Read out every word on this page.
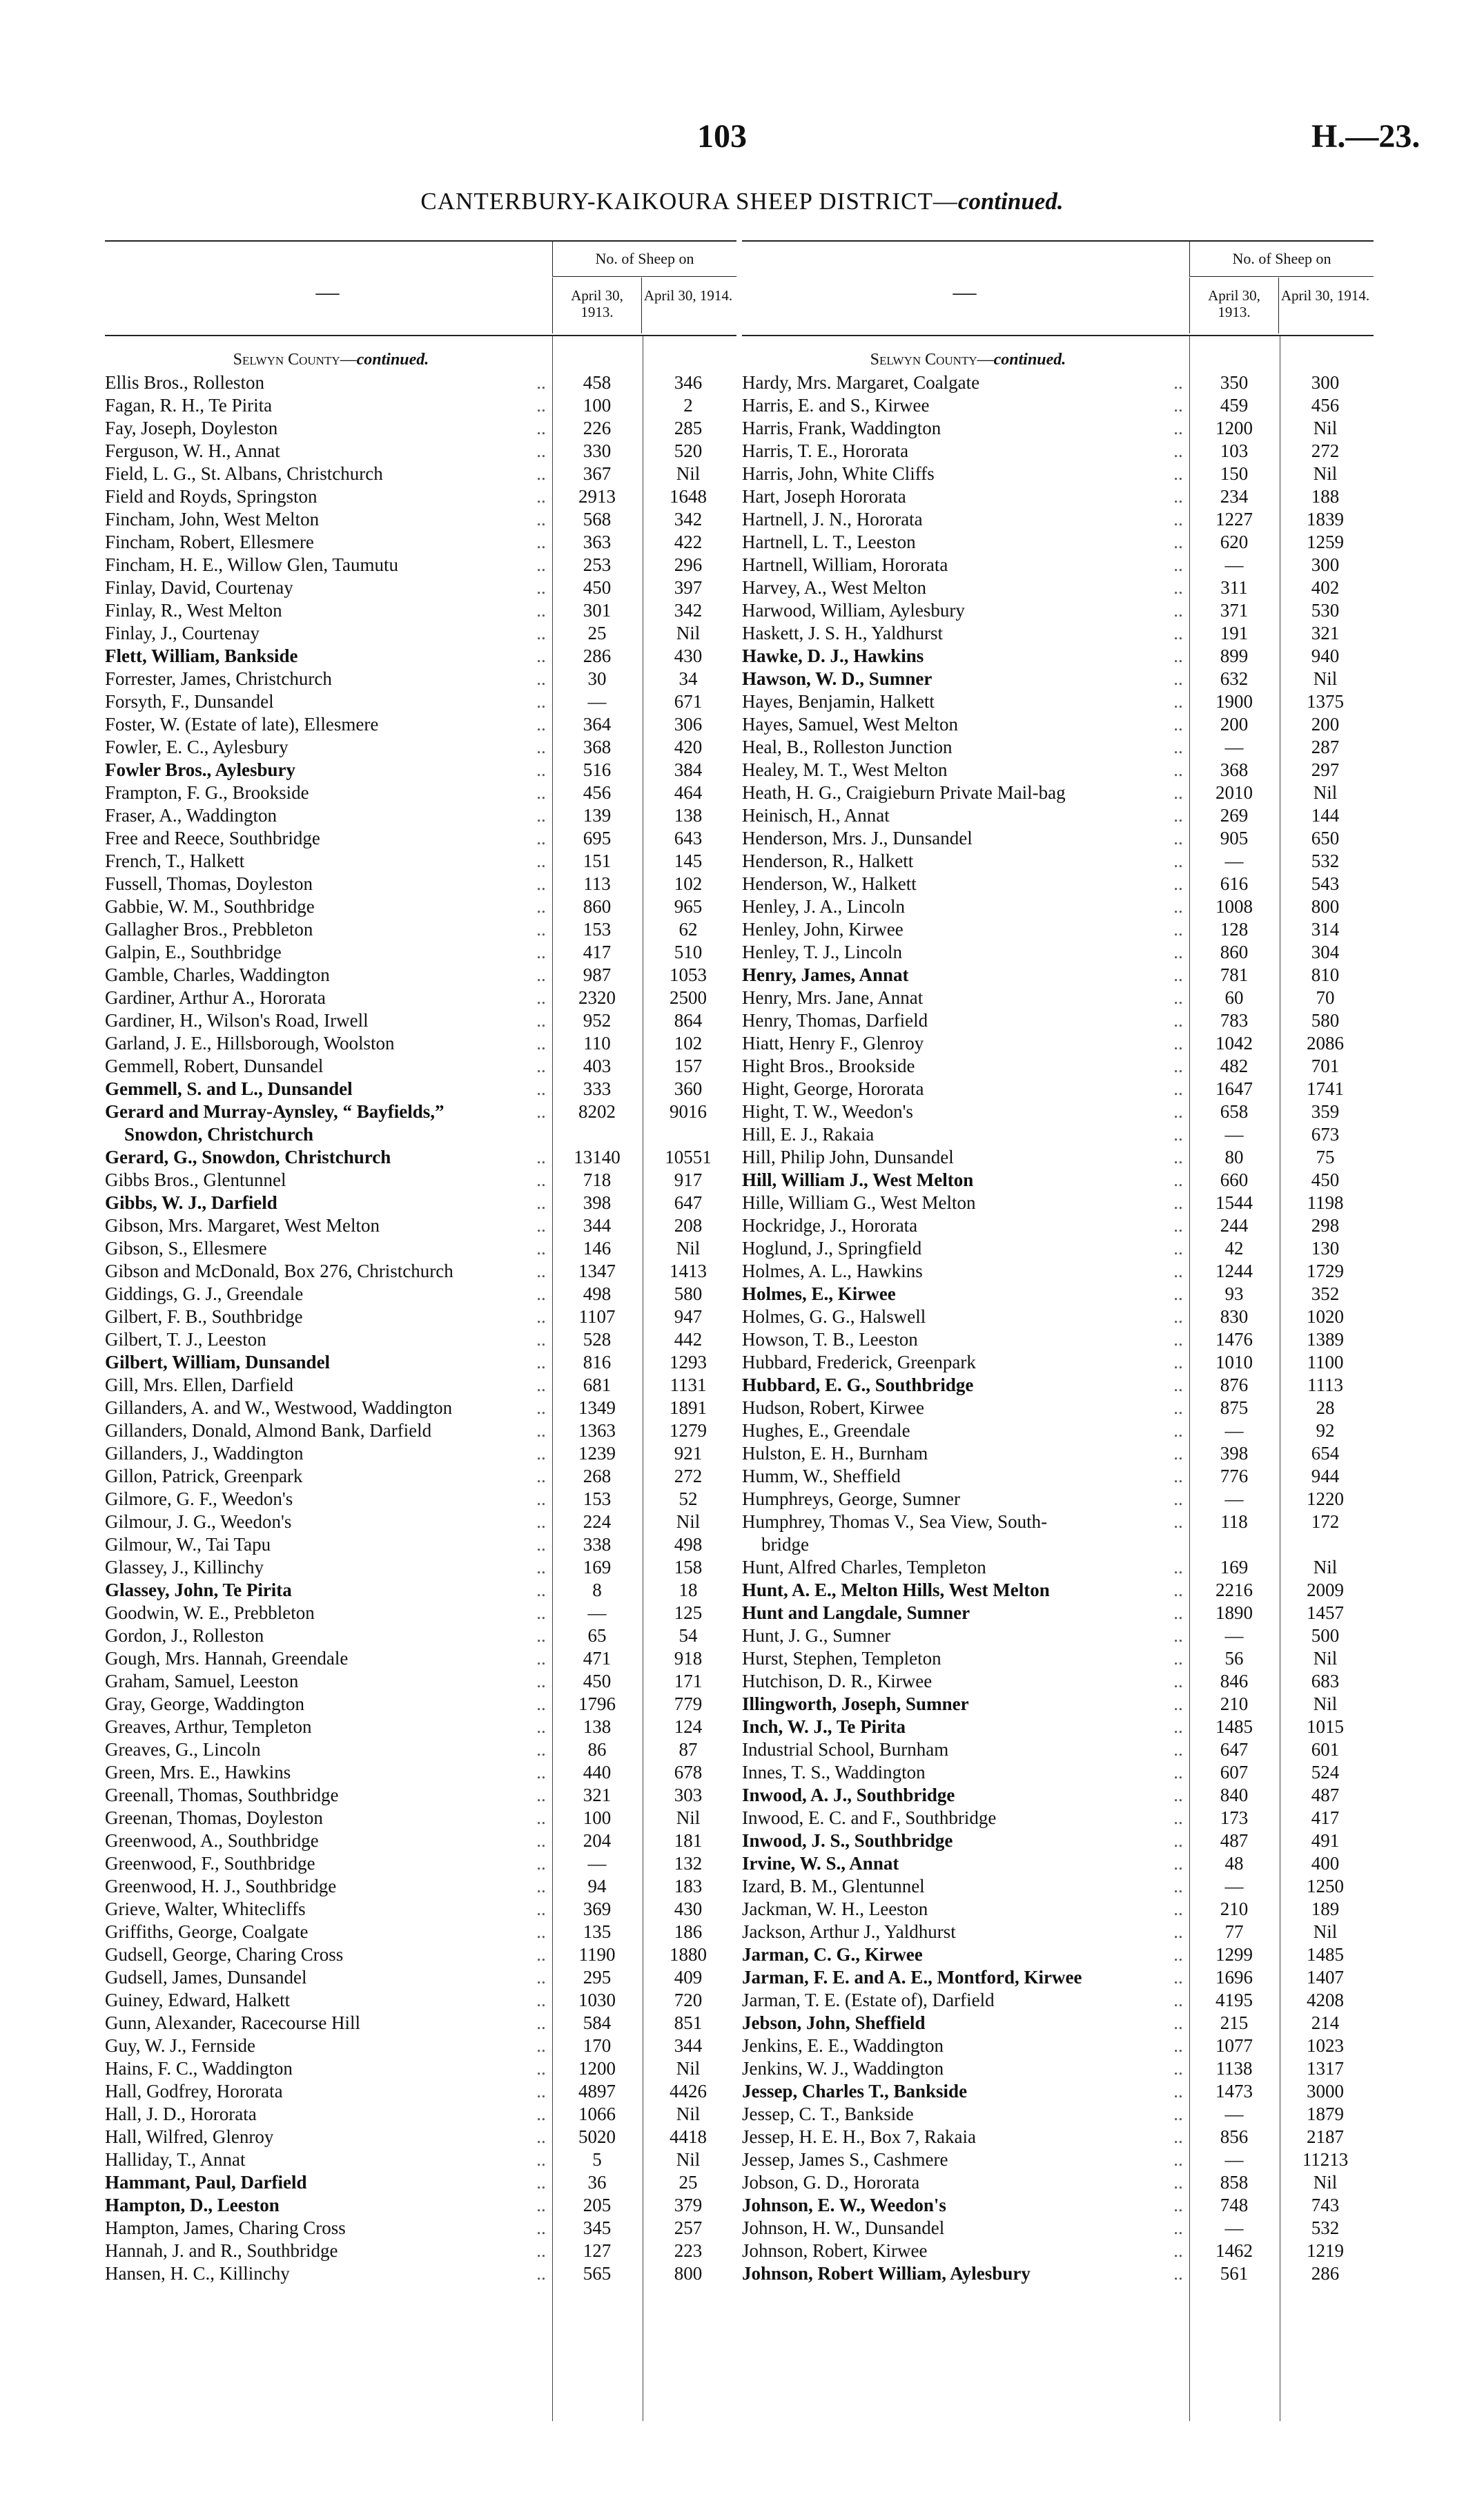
103	H.—23.
CANTERBURY-KAIKOURA SHEEP DISTRICT—continued.
—
No. of Sheep on
April 30, 1913.
April 30, 1914.
Selwyn County—continued.
Ellis Bros., Rolleston	..	458	346
Fagan, R. H., Te Pirita	..	100	2
Fay, Joseph, Doyleston	..	226	285
Ferguson, W. H., Annat	..	330	520
Field, L. G., St. Albans, Christchurch	..	367	Nil
Field and Royds, Springston	..	2913	1648
Fincham, John, West Melton	..	568	342
Fincham, Robert, Ellesmere	..	363	422
Fincham, H. E., Willow Glen, Taumutu	..	253	296
Finlay, David, Courtenay	..	450	397
Finlay, R., West Melton	..	301	342
Finlay, J., Courtenay	..	25	Nil
Flett, William, Bankside	..	286	430
Forrester, James, Christchurch	..	30	34
Forsyth, F., Dunsandel	..	—	671
Foster, W. (Estate of late), Ellesmere	..	364	306
Fowler, E. C., Aylesbury	..	368	420
Fowler Bros., Aylesbury	..	516	384
Frampton, F. G., Brookside	..	456	464
Fraser, A., Waddington	..	139	138
Free and Reece, Southbridge	..	695	643
French, T., Halkett	..	151	145
Fussell, Thomas, Doyleston	..	113	102
Gabbie, W. M., Southbridge	..	860	965
Gallagher Bros., Prebbleton	..	153	62
Galpin, E., Southbridge	..	417	510
Gamble, Charles, Waddington	..	987	1053
Gardiner, Arthur A., Hororata	..	2320	2500
Gardiner, H., Wilson's Road, Irwell	..	952	864
Garland, J. E., Hillsborough, Woolston	..	110	102
Gemmell, Robert, Dunsandel	..	403	157
Gemmell, S. and L., Dunsandel	..	333	360
Gerard and Murray-Aynsley, “ Bayfields,”	..	8202	9016
Snowdon, Christchurch
Gerard, G., Snowdon, Christchurch	..	13140	10551
Gibbs Bros., Glentunnel	..	718	917
Gibbs, W. J., Darfield	..	398	647
Gibson, Mrs. Margaret, West Melton	..	344	208
Gibson, S., Ellesmere	..	146	Nil
Gibson and McDonald, Box 276, Christchurch	..	1347	1413
Giddings, G. J., Greendale	..	498	580
Gilbert, F. B., Southbridge	..	1107	947
Gilbert, T. J., Leeston	..	528	442
Gilbert, William, Dunsandel	..	816	1293
Gill, Mrs. Ellen, Darfield	..	681	1131
Gillanders, A. and W., Westwood, Waddington	..	1349	1891
Gillanders, Donald, Almond Bank, Darfield	..	1363	1279
Gillanders, J., Waddington	..	1239	921
Gillon, Patrick, Greenpark	..	268	272
Gilmore, G. F., Weedon's	..	153	52
Gilmour, J. G., Weedon's	..	224	Nil
Gilmour, W., Tai Tapu	..	338	498
Glassey, J., Killinchy	..	169	158
Glassey, John, Te Pirita	..	8	18
Goodwin, W. E., Prebbleton	..	—	125
Gordon, J., Rolleston	..	65	54
Gough, Mrs. Hannah, Greendale	..	471	918
Graham, Samuel, Leeston	..	450	171
Gray, George, Waddington	..	1796	779
Greaves, Arthur, Templeton	..	138	124
Greaves, G., Lincoln	..	86	87
Green, Mrs. E., Hawkins	..	440	678
Greenall, Thomas, Southbridge	..	321	303
Greenan, Thomas, Doyleston	..	100	Nil
Greenwood, A., Southbridge	..	204	181
Greenwood, F., Southbridge	..	—	132
Greenwood, H. J., Southbridge	..	94	183
Grieve, Walter, Whitecliffs	..	369	430
Griffiths, George, Coalgate	..	135	186
Gudsell, George, Charing Cross	..	1190	1880
Gudsell, James, Dunsandel	..	295	409
Guiney, Edward, Halkett	..	1030	720
Gunn, Alexander, Racecourse Hill	..	584	851
Guy, W. J., Fernside	..	170	344
Hains, F. C., Waddington	..	1200	Nil
Hall, Godfrey, Hororata	..	4897	4426
Hall, J. D., Hororata	..	1066	Nil
Hall, Wilfred, Glenroy	..	5020	4418
Halliday, T., Annat	..	5	Nil
Hammant, Paul, Darfield	..	36	25
Hampton, D., Leeston	..	205	379
Hampton, James, Charing Cross	..	345	257
Hannah, J. and R., Southbridge	..	127	223
Hansen, H. C., Killinchy	..	565	800
—
No. of Sheep on
April 30, 1913.
April 30, 1914.
Selwyn County—continued.
Hardy, Mrs. Margaret, Coalgate	..	350	300
Harris, E. and S., Kirwee	..	459	456
Harris, Frank, Waddington	..	1200	Nil
Harris, T. E., Hororata	..	103	272
Harris, John, White Cliffs	..	150	Nil
Hart, Joseph Hororata	..	234	188
Hartnell, J. N., Hororata	..	1227	1839
Hartnell, L. T., Leeston	..	620	1259
Hartnell, William, Hororata	..	—	300
Harvey, A., West Melton	..	311	402
Harwood, William, Aylesbury	..	371	530
Haskett, J. S. H., Yaldhurst	..	191	321
Hawke, D. J., Hawkins	..	899	940
Hawson, W. D., Sumner	..	632	Nil
Hayes, Benjamin, Halkett	..	1900	1375
Hayes, Samuel, West Melton	..	200	200
Heal, B., Rolleston Junction	..	—	287
Healey, M. T., West Melton	..	368	297
Heath, H. G., Craigieburn Private Mail-bag	..	2010	Nil
Heinisch, H., Annat	..	269	144
Henderson, Mrs. J., Dunsandel	..	905	650
Henderson, R., Halkett	..	—	532
Henderson, W., Halkett	..	616	543
Henley, J. A., Lincoln	..	1008	800
Henley, John, Kirwee	..	128	314
Henley, T. J., Lincoln	..	860	304
Henry, James, Annat	..	781	810
Henry, Mrs. Jane, Annat	..	60	70
Henry, Thomas, Darfield	..	783	580
Hiatt, Henry F., Glenroy	..	1042	2086
Hight Bros., Brookside	..	482	701
Hight, George, Hororata	..	1647	1741
Hight, T. W., Weedon's	..	658	359
Hill, E. J., Rakaia	..	—	673
Hill, Philip John, Dunsandel	..	80	75
Hill, William J., West Melton	..	660	450
Hille, William G., West Melton	..	1544	1198
Hockridge, J., Hororata	..	244	298
Hoglund, J., Springfield	..	42	130
Holmes, A. L., Hawkins	..	1244	1729
Holmes, E., Kirwee	..	93	352
Holmes, G. G., Halswell	..	830	1020
Howson, T. B., Leeston	..	1476	1389
Hubbard, Frederick, Greenpark	..	1010	1100
Hubbard, E. G., Southbridge	..	876	1113
Hudson, Robert, Kirwee	..	875	28
Hughes, E., Greendale	..	—	92
Hulston, E. H., Burnham	..	398	654
Humm, W., Sheffield	..	776	944
Humphreys, George, Sumner	..	—	1220
Humphrey, Thomas V., Sea View, South-	..	118	172
bridge
Hunt, Alfred Charles, Templeton	..	169	Nil
Hunt, A. E., Melton Hills, West Melton	..	2216	2009
Hunt and Langdale, Sumner	..	1890	1457
Hunt, J. G., Sumner	..	—	500
Hurst, Stephen, Templeton	..	56	Nil
Hutchison, D. R., Kirwee	..	846	683
Illingworth, Joseph, Sumner	..	210	Nil
Inch, W. J., Te Pirita	..	1485	1015
Industrial School, Burnham	..	647	601
Innes, T. S., Waddington	..	607	524
Inwood, A. J., Southbridge	..	840	487
Inwood, E. C. and F., Southbridge	..	173	417
Inwood, J. S., Southbridge	..	487	491
Irvine, W. S., Annat	..	48	400
Izard, B. M., Glentunnel	..	—	1250
Jackman, W. H., Leeston	..	210	189
Jackson, Arthur J., Yaldhurst	..	77	Nil
Jarman, C. G., Kirwee	..	1299	1485
Jarman, F. E. and A. E., Montford, Kirwee	..	1696	1407
Jarman, T. E. (Estate of), Darfield	..	4195	4208
Jebson, John, Sheffield	..	215	214
Jenkins, E. E., Waddington	..	1077	1023
Jenkins, W. J., Waddington	..	1138	1317
Jessep, Charles T., Bankside	..	1473	3000
Jessep, C. T., Bankside	..	—	1879
Jessep, H. E. H., Box 7, Rakaia	..	856	2187
Jessep, James S., Cashmere	..	—	11213
Jobson, G. D., Hororata	..	858	Nil
Johnson, E. W., Weedon's	..	748	743
Johnson, H. W., Dunsandel	..	—	532
Johnson, Robert, Kirwee	..	1462	1219
Johnson, Robert William, Aylesbury	..	561	286
